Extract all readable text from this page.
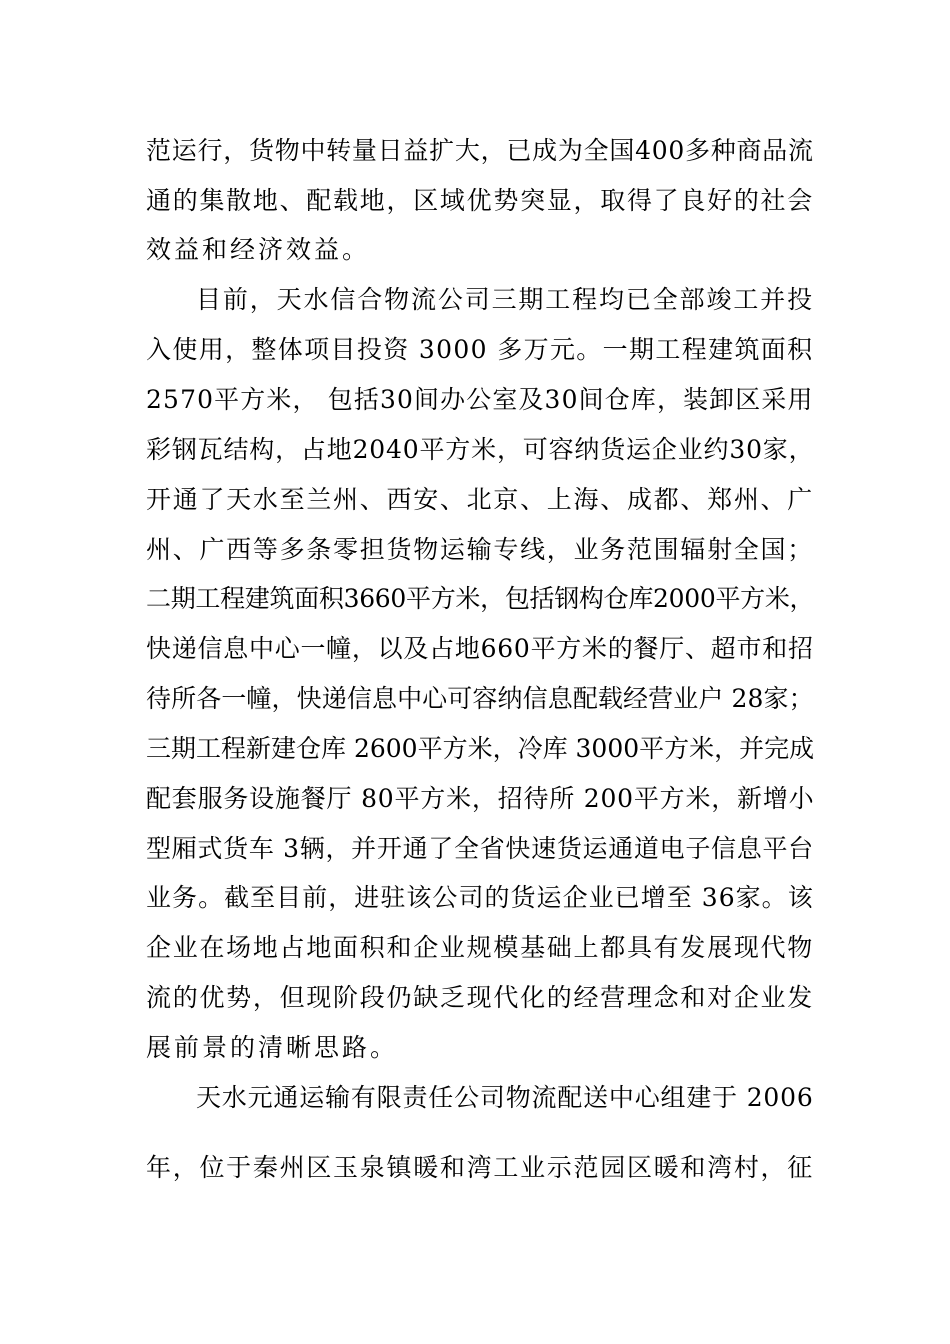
范运行，货物中转量日益扩大，已成为全国400多种商品流
通的集散地、配载地，区域优势突显，取得了良好的社会
效益和经济效益。
目前，天水信合物流公司三期工程均已全部竣工并投
入使用，整体项目投资 3000 多万元。一期工程建筑面积
2570平方米， 包括30间办公室及30间仓库，装卸区采用
彩钢瓦结构，占地2040平方米，可容纳货运企业约30家，
开通了天水至兰州、西安、北京、上海、成都、郑州、广
州、广西等多条零担货物运输专线，业务范围辐射全国；
二期工程建筑面积3660平方米，包括钢构仓库2000平方米，
快递信息中心一幢，以及占地660平方米的餐厅、超市和招
待所各一幢，快递信息中心可容纳信息配载经营业户 28家；
三期工程新建仓库 2600平方米，冷库 3000平方米，并完成
配套服务设施餐厅 80平方米，招待所 200平方米，新增小
型厢式货车 3辆，并开通了全省快速货运通道电子信息平台
业务。截至目前，进驻该公司的货运企业已增至 36家。该
企业在场地占地面积和企业规模基础上都具有发展现代物
流的优势，但现阶段仍缺乏现代化的经营理念和对企业发
展前景的清晰思路。
天水元通运输有限责任公司物流配送中心组建于 2006
年，位于秦州区玉泉镇暖和湾工业示范园区暖和湾村，征
